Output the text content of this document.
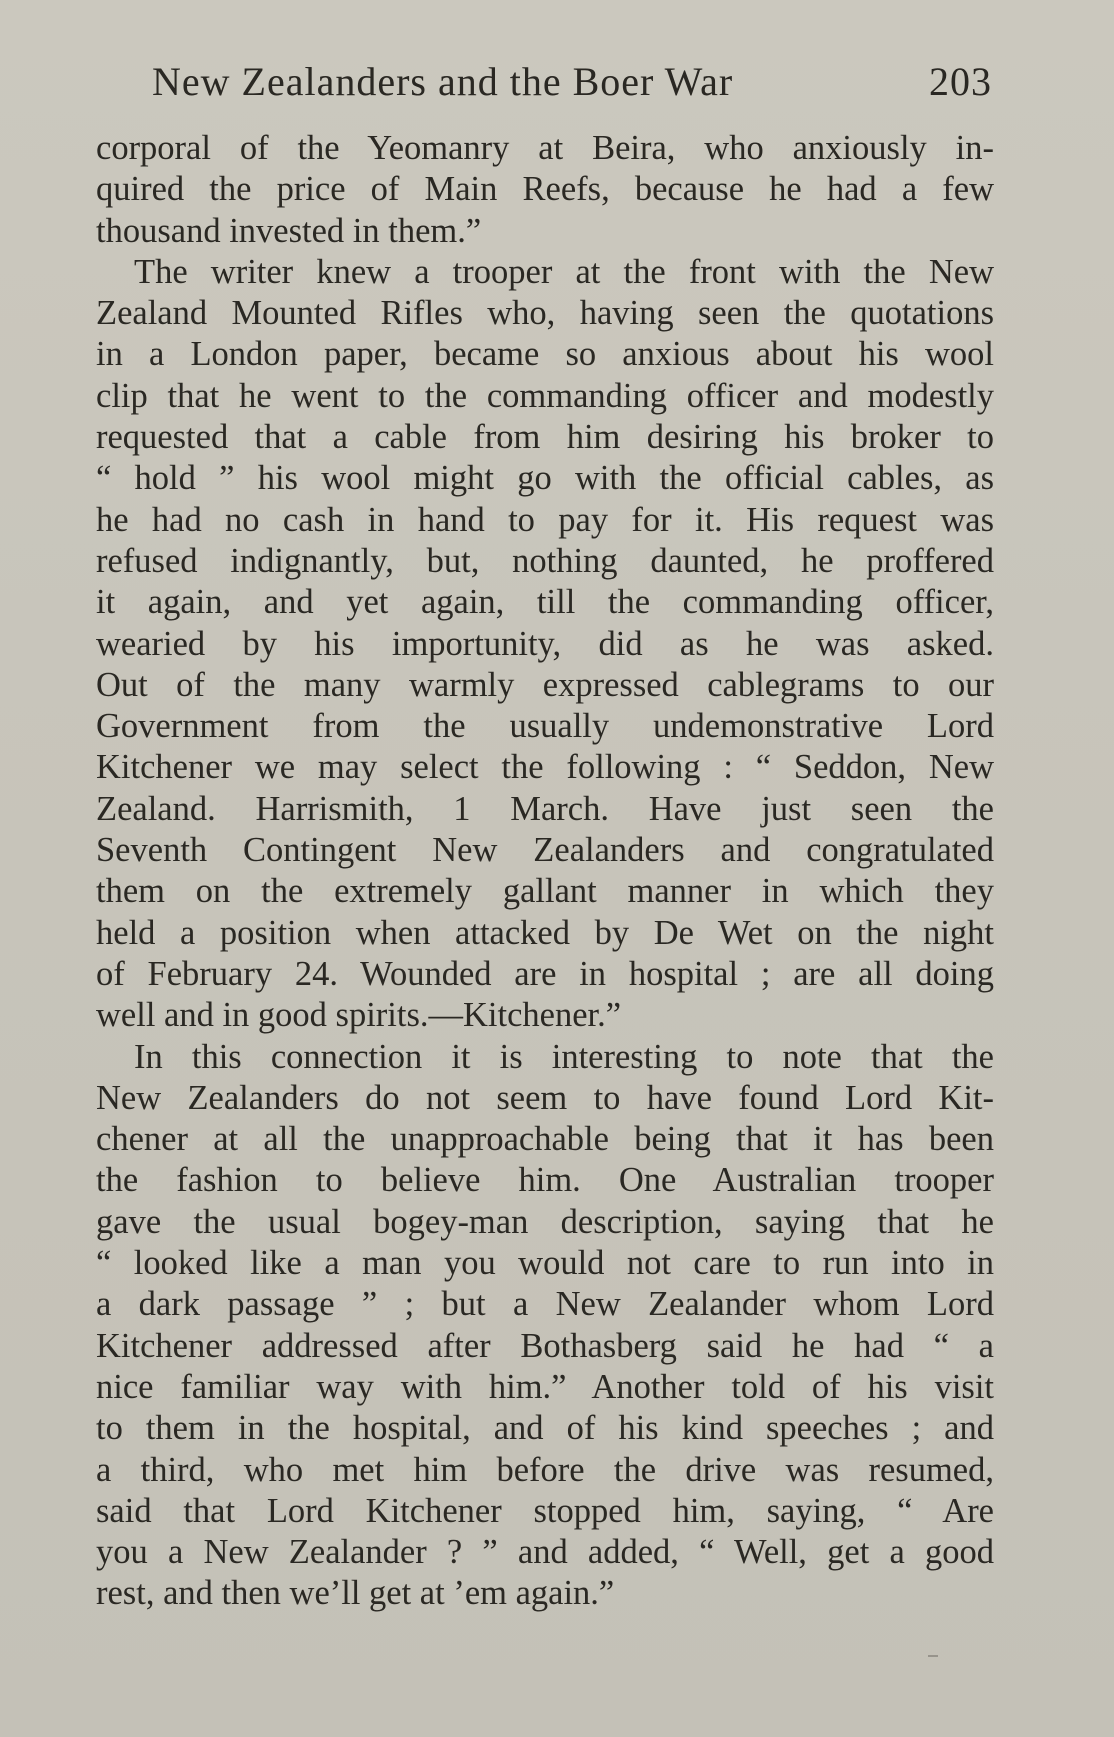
New Zealanders and the Boer War	203
corporal of the Yeomanry at Beira, who anxiously in-
quired the price of Main Reefs, because he had a few
thousand invested in them.”
The writer knew a trooper at the front with the New
Zealand Mounted Rifles who, having seen the quotations
in a London paper, became so anxious about his wool
clip that he went to the commanding officer and modestly
requested that a cable from him desiring his broker to
“ hold ” his wool might go with the official cables, as
he had no cash in hand to pay for it. His request was
refused indignantly, but, nothing daunted, he proffered
it again, and yet again, till the commanding officer,
wearied by his importunity, did as he was asked.
Out of the many warmly expressed cablegrams to our
Government from the usually undemonstrative Lord
Kitchener we may select the following : “ Seddon, New
Zealand. Harrismith, 1 March. Have just seen the
Seventh Contingent New Zealanders and congratulated
them on the extremely gallant manner in which they
held a position when attacked by De Wet on the night
of February 24. Wounded are in hospital ; are all doing
well and in good spirits.—Kitchener.”
In this connection it is interesting to note that the
New Zealanders do not seem to have found Lord Kit-
chener at all the unapproachable being that it has been
the fashion to believe him. One Australian trooper
gave the usual bogey-man description, saying that he
“ looked like a man you would not care to run into in
a dark passage ” ; but a New Zealander whom Lord
Kitchener addressed after Bothasberg said he had “ a
nice familiar way with him.” Another told of his visit
to them in the hospital, and of his kind speeches ; and
a third, who met him before the drive was resumed,
said that Lord Kitchener stopped him, saying, “ Are
you a New Zealander ? ” and added, “ Well, get a good
rest, and then we’ll get at ’em again.”
